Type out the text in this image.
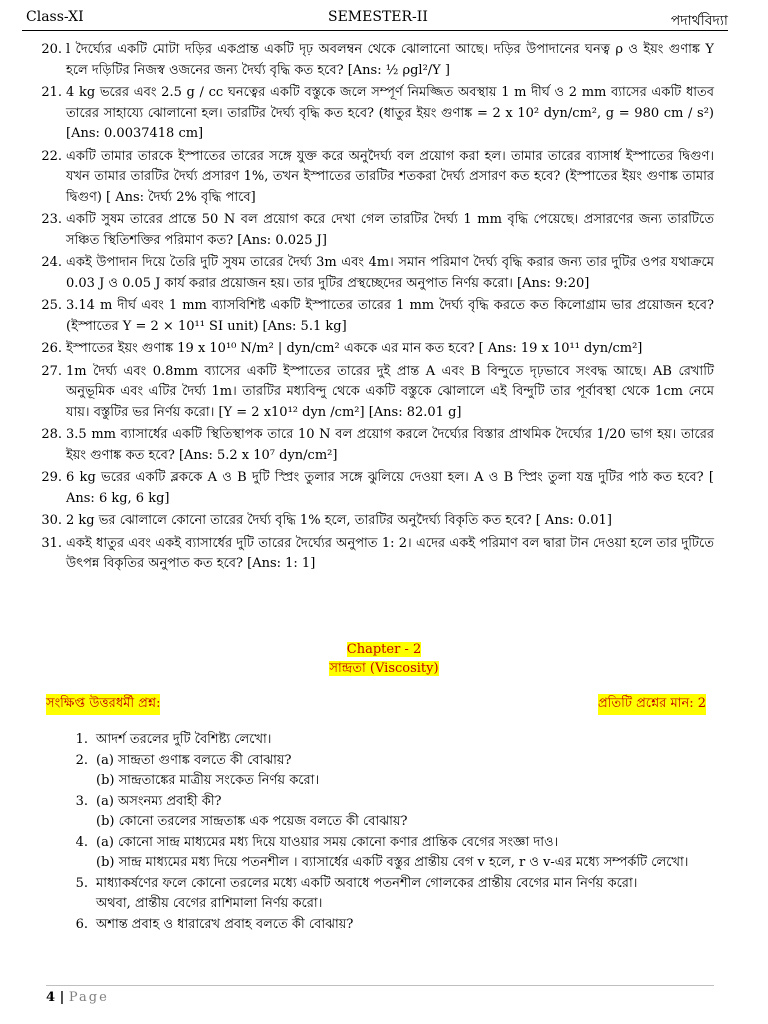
Class-XI	SEMESTER-II	পদার্থবিদ্যা
20. l দৈর্ঘ্যের একটি মোটা দড়ির একপ্রান্ত একটি দৃঢ় অবলম্বন থেকে ঝোলানো আছে। দড়ির উপাদানের ঘনত্ব ρ ও ইয়ং গুণাঙ্ক Y হলে দড়িটির নিজস্ব ওজনের জন্য দৈর্ঘ্য বৃদ্ধি কত হবে? [Ans: ½ ρgl²/Y ]
21. 4 kg ভরের এবং 2.5 g / cc ঘনত্বের একটি বস্তুকে জলে সম্পূর্ণ নিমজ্জিত অবস্থায় 1 m দীর্ঘ ও 2 mm ব্যাসের একটি ধাতব তারের সাহায্যে ঝোলানো হল। তারটির দৈর্ঘ্য বৃদ্ধি কত হবে? (ধাতুর ইয়ং গুণাঙ্ক = 2 x 10² dyn/cm², g = 980 cm / s²) [Ans: 0.0037418 cm]
22. একটি তামার তারকে ইস্পাতের তারের সঙ্গে যুক্ত করে অনুদৈর্ঘ্য বল প্রয়োগ করা হল। তামার তারের ব্যাসার্ধ ইস্পাতের দ্বিগুণ। যখন তামার তারটির দৈর্ঘ্য প্রসারণ 1%, তখন ইস্পাতের তারটির শতকরা দৈর্ঘ্য প্রসারণ কত হবে? (ইস্পাতের ইয়ং গুণাঙ্ক তামার দ্বিগুণ) [ Ans: দৈর্ঘ্য 2% বৃদ্ধি পাবে]
23. একটি সুষম তারের প্রান্তে 50 N বল প্রয়োগ করে দেখা গেল তারটির দৈর্ঘ্য 1 mm বৃদ্ধি পেয়েছে। প্রসারণের জন্য তারটিতে সঞ্চিত স্থিতিশক্তির পরিমাণ কত? [Ans: 0.025 J]
24. একই উপাদান দিয়ে তৈরি দুটি সুষম তারের দৈর্ঘ্য 3m এবং 4m। সমান পরিমাণ দৈর্ঘ্য বৃদ্ধি করার জন্য তার দুটির ওপর যথাক্রমে 0.03 J ও 0.05 J কার্য করার প্রয়োজন হয়। তার দুটির প্রস্থচ্ছেদের অনুপাত নির্ণয় করো। [Ans: 9:20]
25. 3.14 m দীর্ঘ এবং 1 mm ব্যাসবিশিষ্ট একটি ইস্পাতের তারের 1 mm দৈর্ঘ্য বৃদ্ধি করতে কত কিলোগ্রাম ভার প্রয়োজন হবে? (ইস্পাতের Y = 2 × 10¹¹ SI unit) [Ans: 5.1 kg]
26. ইস্পাতের ইয়ং গুণাঙ্ক 19 x 10¹⁰ N/m² | dyn/cm² এককে এর মান কত হবে? [ Ans: 19 x 10¹¹ dyn/cm²]
27. 1m দৈর্ঘ্য এবং 0.8mm ব্যাসের একটি ইস্পাতের তারের দুই প্রান্ত A এবং B বিন্দুতে দৃঢ়ভাবে সংবদ্ধ আছে। AB রেখাটি অনুভূমিক এবং এটির দৈর্ঘ্য 1m। তারটির মধ্যবিন্দু থেকে একটি বস্তুকে ঝোলালে এই বিন্দুটি তার পূর্বাবস্থা থেকে 1cm নেমে যায়। বস্তুটির ভর নির্ণয় করো। [Y = 2 x10¹² dyn /cm²] [Ans: 82.01 g]
28. 3.5 mm ব্যাসার্ধের একটি স্থিতিস্থাপক তারে 10 N বল প্রয়োগ করলে দৈর্ঘ্যের বিস্তার প্রাথমিক দৈর্ঘ্যের 1/20 ভাগ হয়। তারের ইয়ং গুণাঙ্ক কত হবে? [Ans: 5.2 x 10⁷ dyn/cm²]
29. 6 kg ভরের একটি ব্লককে A ও B দুটি স্প্রিং তুলার সঙ্গে ঝুলিয়ে দেওয়া হল। A ও B স্প্রিং তুলা যন্ত্র দুটির পাঠ কত হবে? [ Ans: 6 kg, 6 kg]
30. 2 kg ভর ঝোলালে কোনো তারের দৈর্ঘ্য বৃদ্ধি 1% হলে, তারটির অনুদৈর্ঘ্য বিকৃতি কত হবে? [ Ans: 0.01]
31. একই ধাতুর এবং একই ব্যাসার্ধের দুটি তারের দৈর্ঘ্যের অনুপাত 1: 2। এদের একই পরিমাণ বল দ্বারা টান দেওয়া হলে তার দুটিতে উৎপন্ন বিকৃতির অনুপাত কত হবে? [Ans: 1: 1]
Chapter - 2
সান্দ্রতা (Viscosity)
সংক্ষিপ্ত উত্তরধর্মী প্রশ্ন:	প্রতিটি প্রশ্নের মান: 2
1. আদর্শ তরলের দুটি বৈশিষ্ট্য লেখো।
2. (a) সান্দ্রতা গুণাঙ্ক বলতে কী বোঝায়?
(b) সান্দ্রতাঙ্কের মাত্রীয় সংকেত নির্ণয় করো।
3. (a) অসংনম্য প্রবাহী কী?
(b) কোনো তরলের সান্দ্রতাঙ্ক এক পয়েজ বলতে কী বোঝায়?
4. (a) কোনো সান্দ্র মাধ্যমের মধ্য দিয়ে যাওয়ার সময় কোনো কণার প্রান্তিক বেগের সংজ্ঞা দাও।
(b) সান্দ্র মাধ্যমের মধ্য দিয়ে পতনশীল । ব্যাসার্ধের একটি বস্তুর প্রান্তীয় বেগ v হলে, r ও v-এর মধ্যে সম্পর্কটি লেখো।
5. মাধ্যাকর্ষণের ফলে কোনো তরলের মধ্যে একটি অবাধে পতনশীল গোলকের প্রান্তীয় বেগের মান নির্ণয় করো।
অথবা, প্রান্তীয় বেগের রাশিমালা নির্ণয় করো।
6. অশান্ত প্রবাহ ও ধারারেখ প্রবাহ বলতে কী বোঝায়?
4 | Page
